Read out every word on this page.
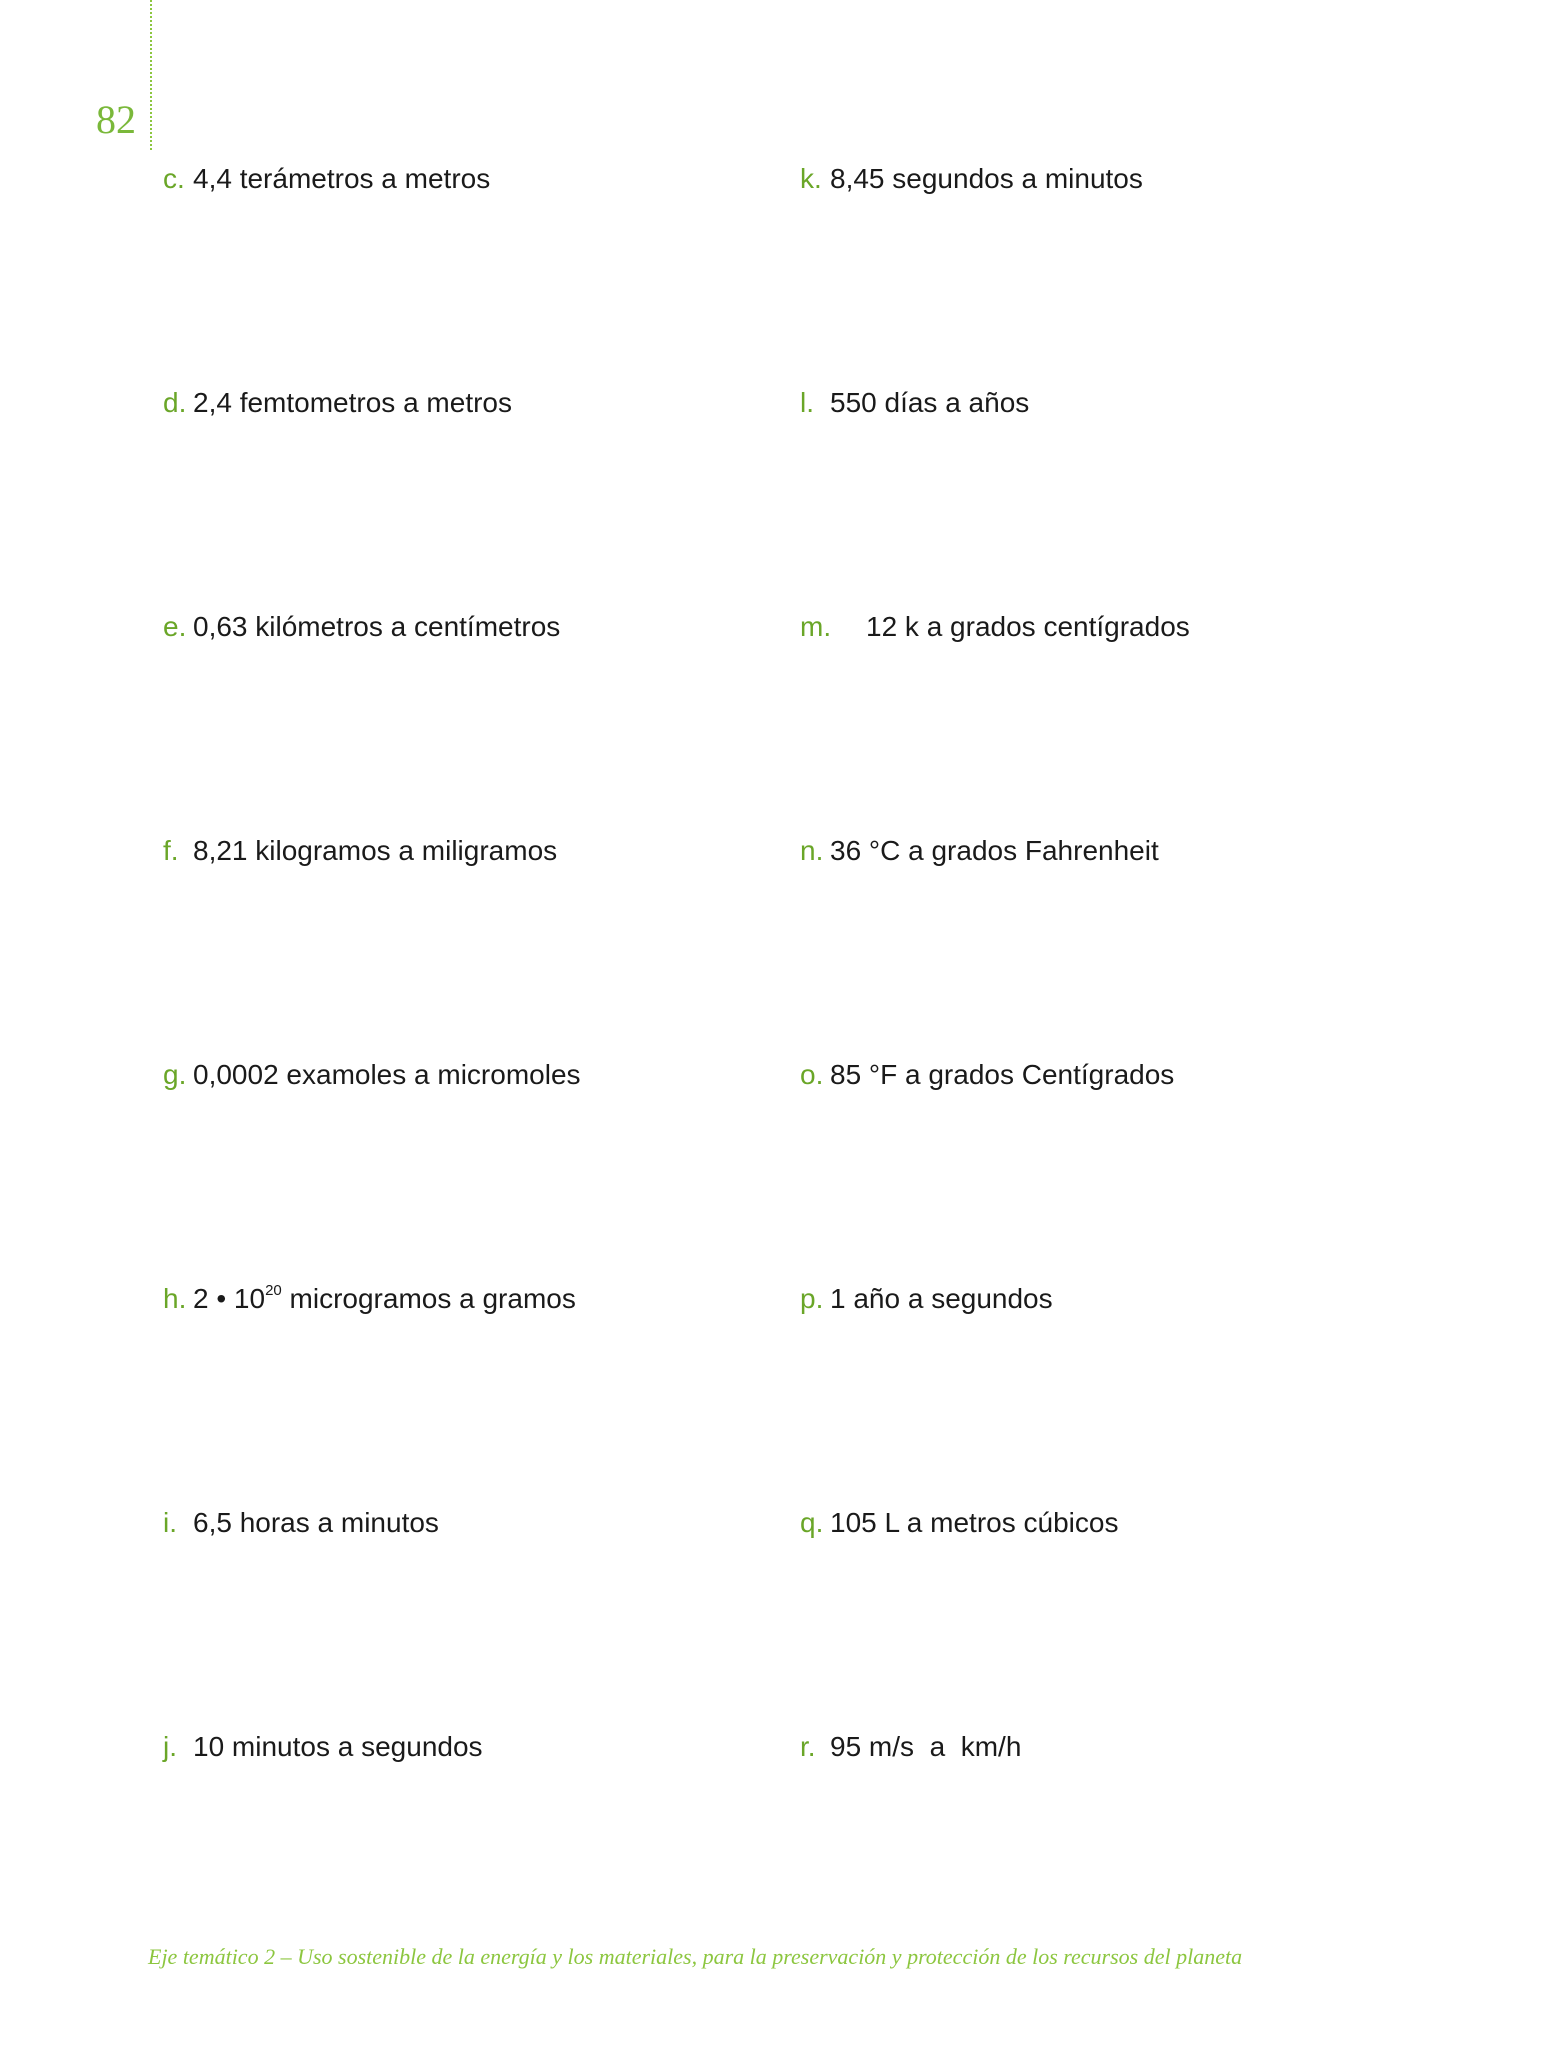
82
c. 4,4 terámetros a metros
d. 2,4 femtometros a metros
e. 0,63 kilómetros a centímetros
f. 8,21 kilogramos a miligramos
g. 0,0002 examoles a micromoles
h. 2 • $10^{20}$ microgramos a gramos
i. 6,5 horas a minutos
j. 10 minutos a segundos
k. 8,45 segundos a minutos
l. 550 días a años
m. 12 k a grados centígrados
n. 36 °C a grados Fahrenheit
o. 85 °F a grados Centígrados
p. 1 año a segundos
q. 105 L a metros cúbicos
r. 95 m/s  a  km/h
Eje temático 2 – Uso sostenible de la energía y los materiales, para la preservación y protección de los recursos del planeta
